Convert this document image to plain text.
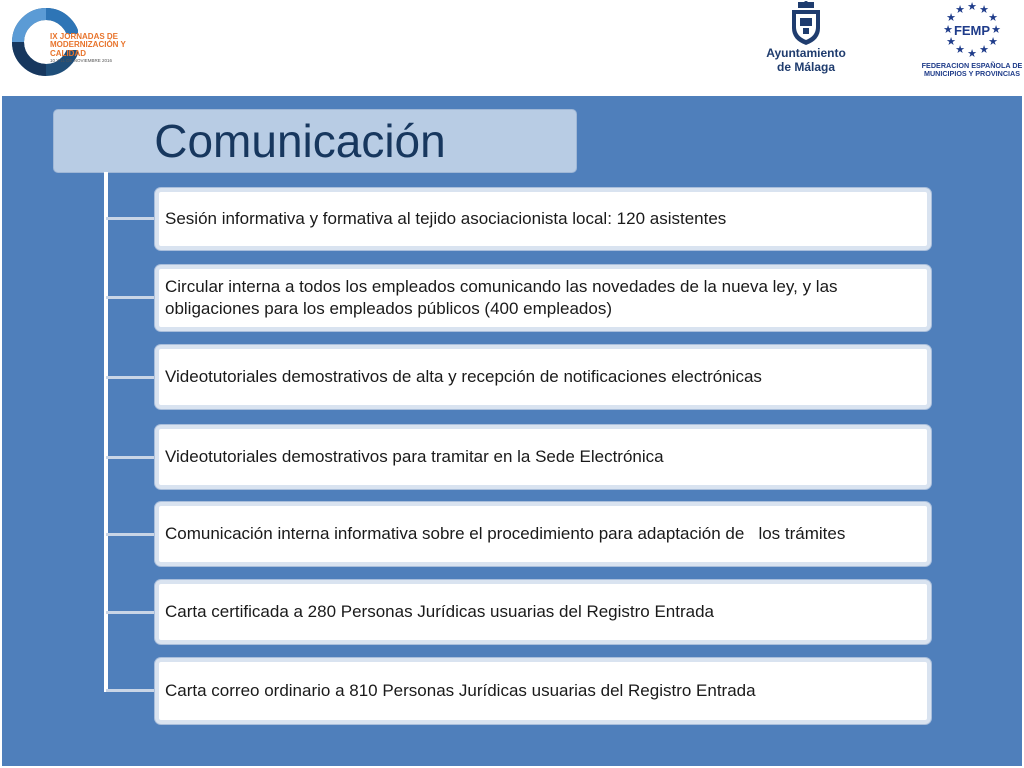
IX JORNADAS DE
MODERNIZACIÓN Y CALIDAD
10 Y 11 DE NOVIEMBRE 2016
Ayuntamiento
de Málaga
★ ★
★
★
★
★
★
★
★
★
★
★
FEMP
FEDERACION ESPAÑOLA DE
MUNICIPIOS Y PROVINCIAS
Comunicación
Sesión informativa y formativa al tejido asociacionista local: 120 asistentes
Circular interna a todos los empleados comunicando las novedades de la nueva ley, y las obligaciones para los empleados públicos (400 empleados)
Videotutoriales demostrativos de alta y recepción de notificaciones electrónicas
Videotutoriales demostrativos para tramitar en la Sede Electrónica
Comunicación interna informativa sobre el procedimiento para adaptación de   los trámites
Carta certificada a 280 Personas Jurídicas usuarias del Registro Entrada
Carta correo ordinario a 810 Personas Jurídicas usuarias del Registro Entrada
